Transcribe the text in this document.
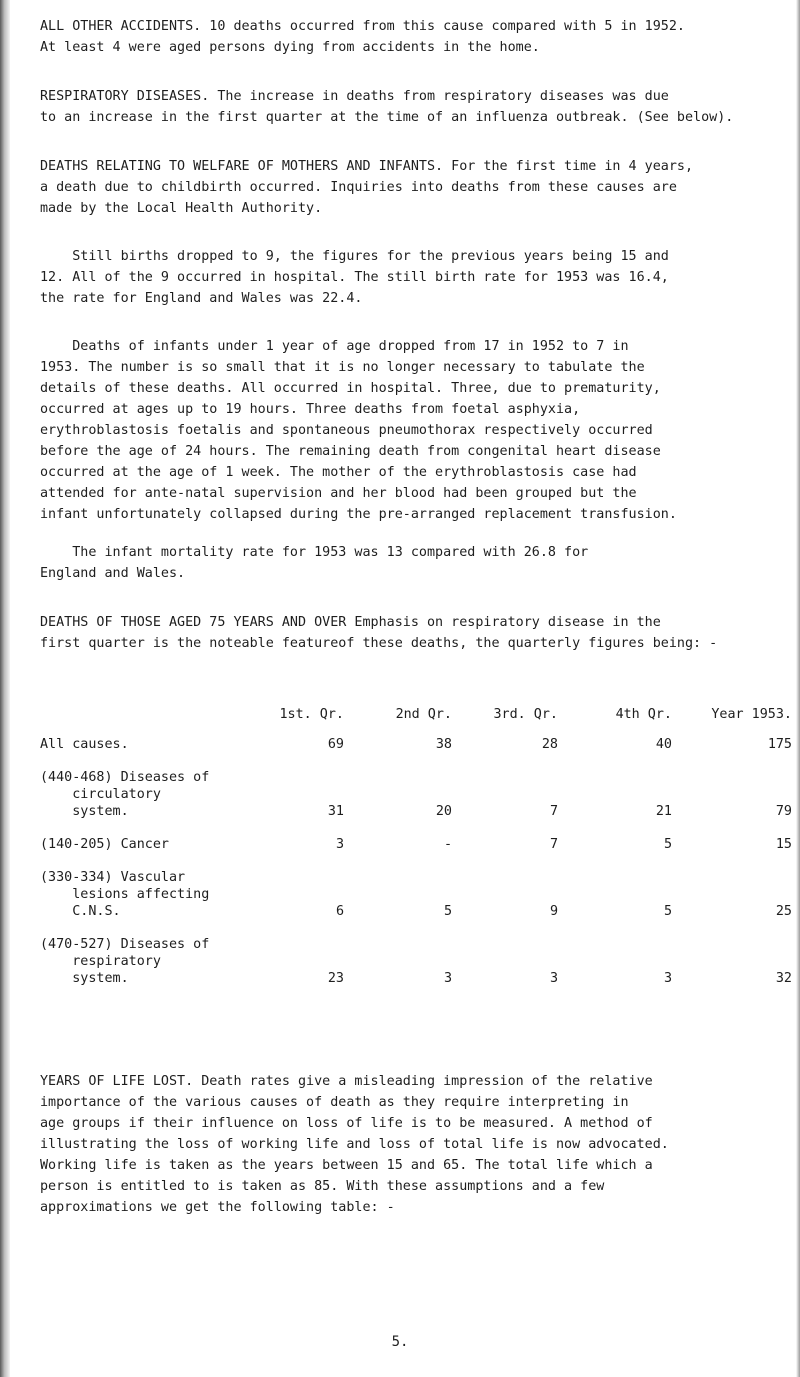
ALL OTHER ACCIDENTS. 10 deaths occurred from this cause compared with 5 in 1952.
At least 4 were aged persons dying from accidents in the home.

RESPIRATORY DISEASES. The increase in deaths from respiratory diseases was due
to an increase in the first quarter at the time of an influenza outbreak. (See below).

DEATHS RELATING TO WELFARE OF MOTHERS AND INFANTS. For the first time in 4 years,
a death due to childbirth occurred. Inquiries into deaths from these causes are
made by the Local Health Authority.

Still births dropped to 9, the figures for the previous years being 15 and
12. All of the 9 occurred in hospital. The still birth rate for 1953 was 16.4,
the rate for England and Wales was 22.4.

Deaths of infants under 1 year of age dropped from 17 in 1952 to 7 in
1953. The number is so small that it is no longer necessary to tabulate the
details of these deaths. All occurred in hospital. Three, due to prematurity,
occurred at ages up to 19 hours. Three deaths from foetal asphyxia,
erythroblastosis foetalis and spontaneous pneumothorax respectively occurred
before the age of 24 hours. The remaining death from congenital heart disease
occurred at the age of 1 week. The mother of the erythroblastosis case had
attended for ante-natal supervision and her blood had been grouped but the
infant unfortunately collapsed during the pre-arranged replacement transfusion.

The infant mortality rate for 1953 was 13 compared with 26.8 for
England and Wales.

DEATHS OF THOSE AGED 75 YEARS AND OVER Emphasis on respiratory disease in the
first quarter is the noteable featureof these deaths, the quarterly figures being: -

	1st. Qr.	2nd Qr.	3rd. Qr.	4th Qr.	Year 1953.
All causes.	69	38	28	40	175
(440-468) Diseases of
circulatory
system.	31	20	7	21	79
(140-205) Cancer	3	-	7	5	15
(330-334) Vascular
lesions affecting
C.N.S.	6	5	9	5	25
(470-527) Diseases of
respiratory
system.	23	3	3	3	32

YEARS OF LIFE LOST. Death rates give a misleading impression of the relative
importance of the various causes of death as they require interpreting in
age groups if their influence on loss of life is to be measured. A method of
illustrating the loss of working life and loss of total life is now advocated.
Working life is taken as the years between 15 and 65. The total life which a
person is entitled to is taken as 85. With these assumptions and a few
approximations we get the following table: -

5.
